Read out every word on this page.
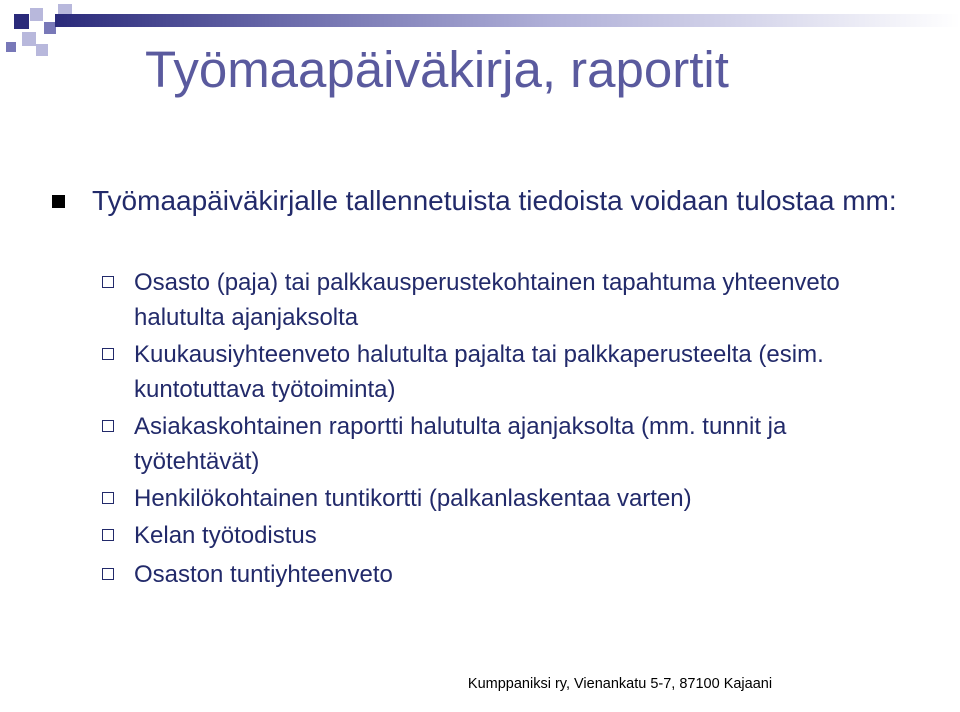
Työmaapäiväkirja, raportit
Työmaapäiväkirjalle tallennetuista tiedoista voidaan tulostaa mm:
Osasto (paja) tai palkkausperustekohtainen tapahtuma yhteenveto halutulta ajanjaksolta
Kuukausiyhteenveto halutulta pajalta tai palkkaperusteelta (esim. kuntotuttava työtoiminta)
Asiakaskohtainen raportti halutulta ajanjaksolta (mm. tunnit ja työtehtävät)
Henkilökohtainen tuntikortti (palkanlaskentaa varten)
Kelan työtodistus
Osaston tuntiyhteenveto
Kumppaniksi ry, Vienankatu 5-7, 87100 Kajaani
